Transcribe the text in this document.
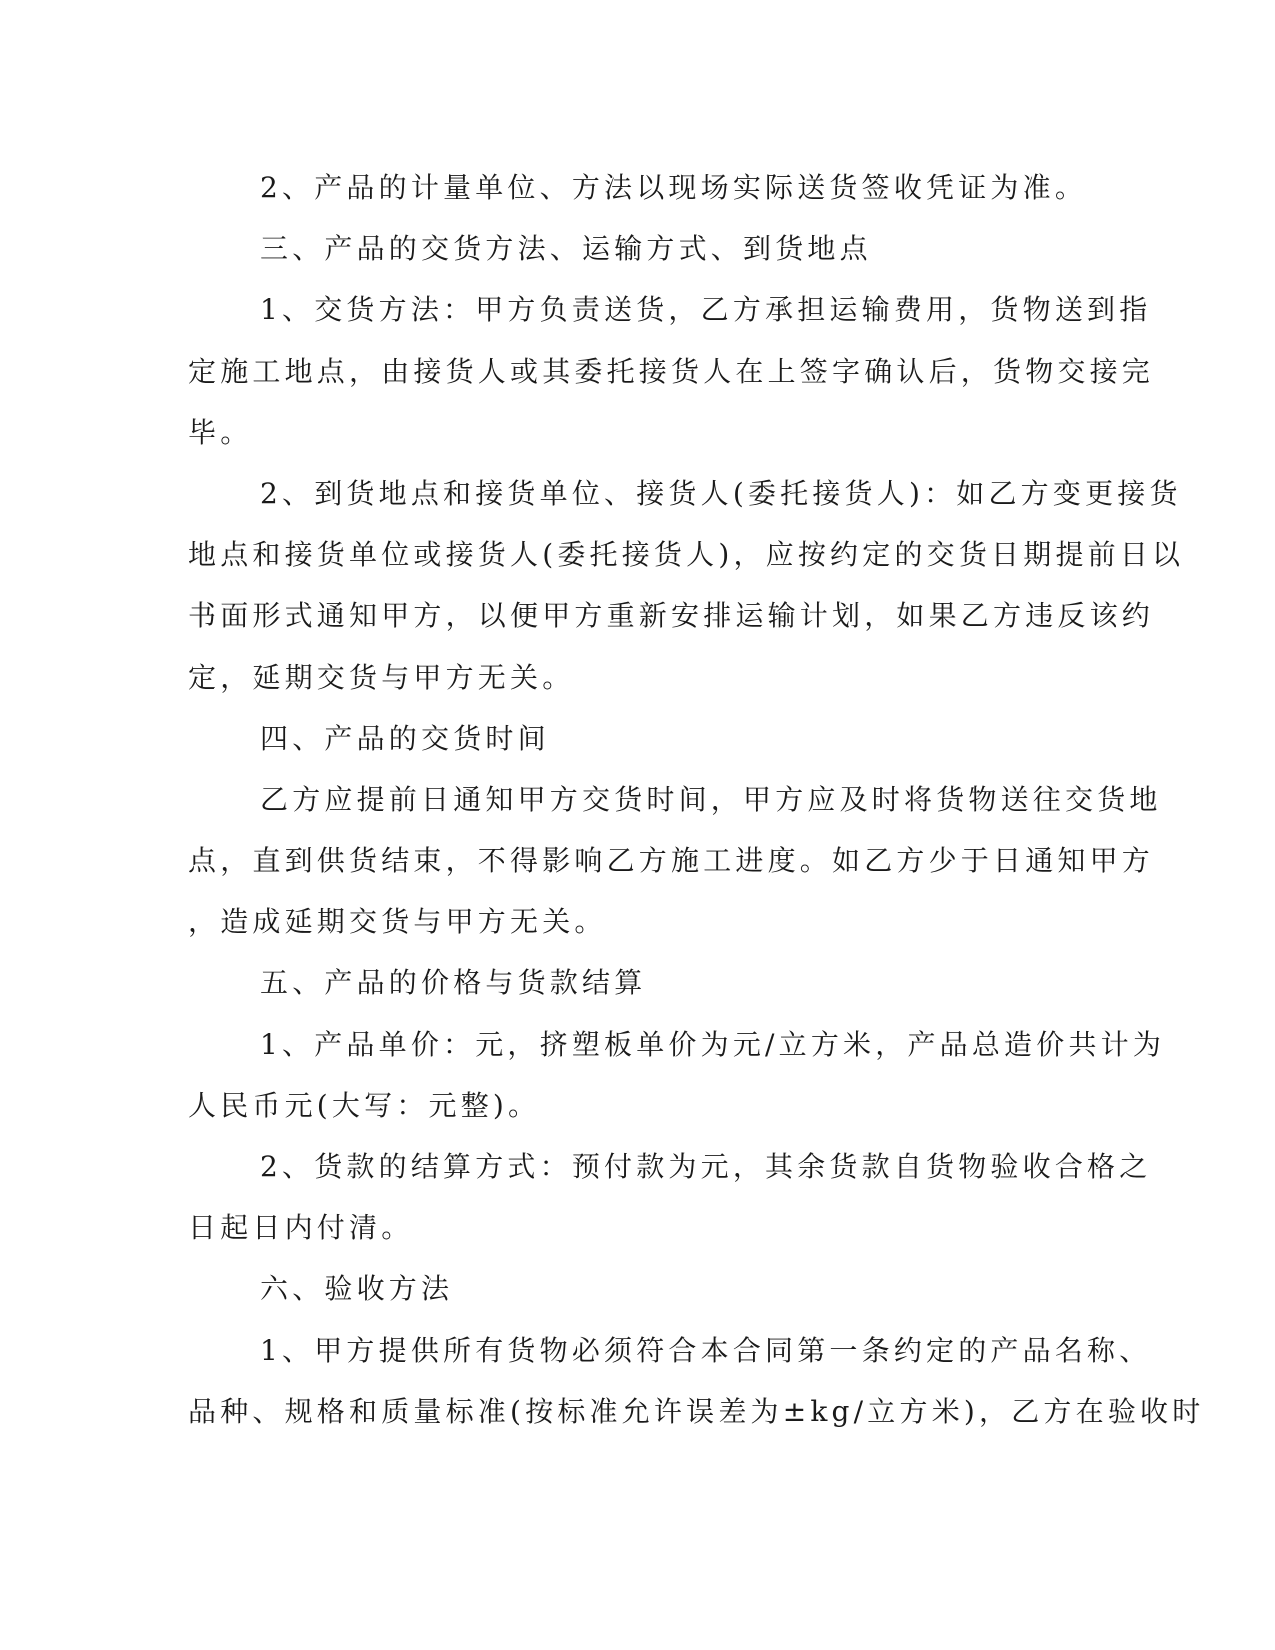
2、产品的计量单位、方法以现场实际送货签收凭证为准。
三、产品的交货方法、运输方式、到货地点
1、交货方法：甲方负责送货，乙方承担运输费用，货物送到指
定施工地点，由接货人或其委托接货人在上签字确认后，货物交接完
毕。
2、到货地点和接货单位、接货人(委托接货人)：如乙方变更接货
地点和接货单位或接货人(委托接货人)，应按约定的交货日期提前日以
书面形式通知甲方，以便甲方重新安排运输计划，如果乙方违反该约
定，延期交货与甲方无关。
四、产品的交货时间
乙方应提前日通知甲方交货时间，甲方应及时将货物送往交货地
点，直到供货结束，不得影响乙方施工进度。如乙方少于日通知甲方
，造成延期交货与甲方无关。
五、产品的价格与货款结算
1、产品单价：元，挤塑板单价为元/立方米，产品总造价共计为
人民币元(大写：元整)。
2、货款的结算方式：预付款为元，其余货款自货物验收合格之
日起日内付清。
六、验收方法
1、甲方提供所有货物必须符合本合同第一条约定的产品名称、
品种、规格和质量标准(按标准允许误差为±kg/立方米)，乙方在验收时
